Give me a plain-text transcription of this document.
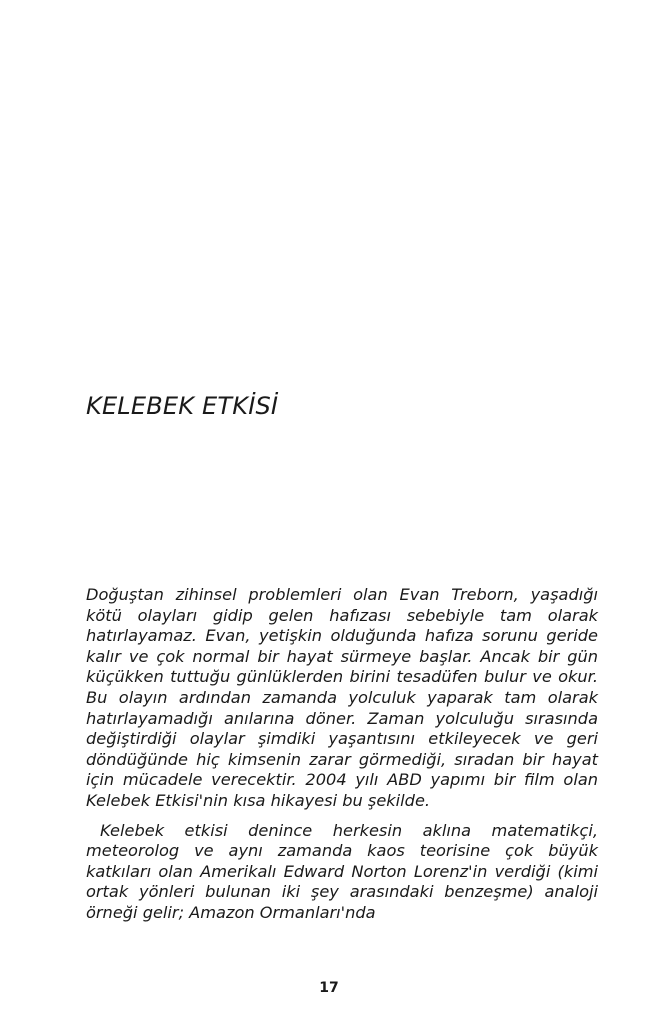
KELEBEK ETKİSİ

Doğuştan zihinsel problemleri olan Evan Treborn, yaşadığı kötü olayları gidip gelen hafızası sebebiyle tam olarak hatırlayamaz. Evan, yetişkin olduğunda hafıza sorunu geride kalır ve çok normal bir hayat sürmeye başlar. Ancak bir gün küçükken tuttuğu günlüklerden birini tesadüfen bulur ve okur. Bu olayın ardından zamanda yolculuk yaparak tam olarak hatırlayamadığı anılarına döner. Zaman yolculuğu sırasında değiştirdiği olaylar şimdiki yaşantısını etkileyecek ve geri döndüğünde hiç kimsenin zarar görmediği, sıradan bir hayat için mücadele verecektir. 2004 yılı ABD yapımı bir film olan Kelebek Etkisi'nin kısa hikayesi bu şekilde.

Kelebek etkisi denince herkesin aklına matematikçi, meteorolog ve aynı zamanda kaos teorisine çok büyük katkıları olan Amerikalı Edward Norton Lorenz'in verdiği (kimi ortak yönleri bulunan iki şey arasındaki benzeşme) analoji örneği gelir; Amazon Ormanları'nda

17
